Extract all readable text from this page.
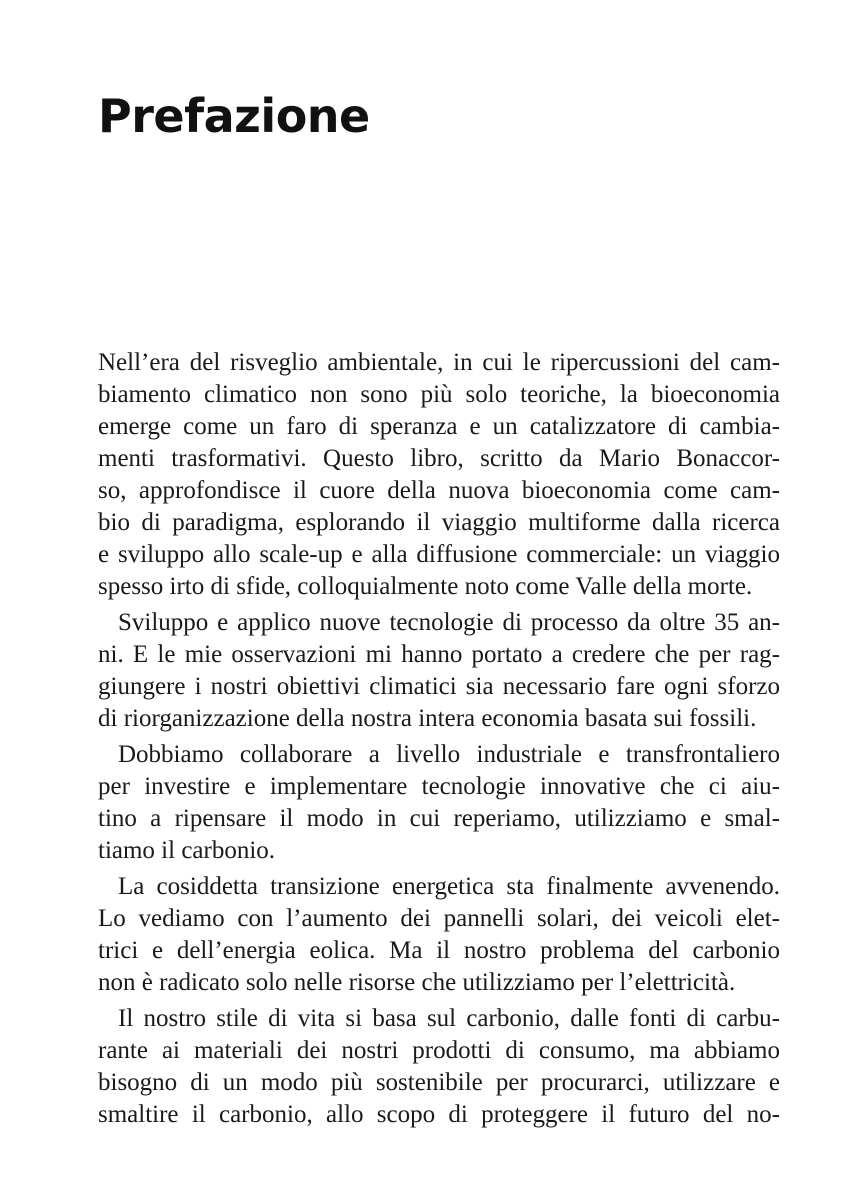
Prefazione

Nell’era del risveglio ambientale, in cui le ripercussioni del cam-
biamento climatico non sono più solo teoriche, la bioeconomia
emerge come un faro di speranza e un catalizzatore di cambia-
menti trasformativi. Questo libro, scritto da Mario Bonaccor-
so, approfondisce il cuore della nuova bioeconomia come cam-
bio di paradigma, esplorando il viaggio multiforme dalla ricerca
e sviluppo allo scale-up e alla diffusione commerciale: un viaggio
spesso irto di sfide, colloquialmente noto come Valle della morte.

Sviluppo e applico nuove tecnologie di processo da oltre 35 an-
ni. E le mie osservazioni mi hanno portato a credere che per rag-
giungere i nostri obiettivi climatici sia necessario fare ogni sforzo
di riorganizzazione della nostra intera economia basata sui fossili.

Dobbiamo collaborare a livello industriale e transfrontaliero
per investire e implementare tecnologie innovative che ci aiu-
tino a ripensare il modo in cui reperiamo, utilizziamo e smal-
tiamo il carbonio.

La cosiddetta transizione energetica sta finalmente avvenendo.
Lo vediamo con l’aumento dei pannelli solari, dei veicoli elet-
trici e dell’energia eolica. Ma il nostro problema del carbonio
non è radicato solo nelle risorse che utilizziamo per l’elettricità.

Il nostro stile di vita si basa sul carbonio, dalle fonti di carbu-
rante ai materiali dei nostri prodotti di consumo, ma abbiamo
bisogno di un modo più sostenibile per procurarci, utilizzare e
smaltire il carbonio, allo scopo di proteggere il futuro del no-
